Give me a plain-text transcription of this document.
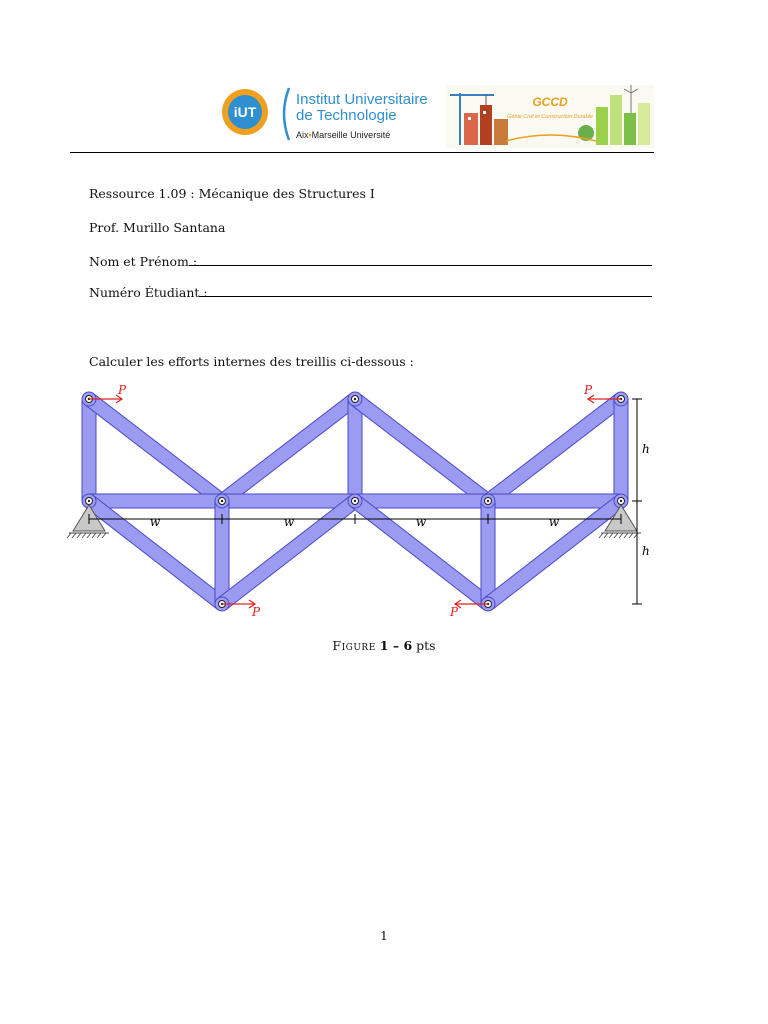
iUT
Institut Universitaire
de Technologie
Aix•Marseille Université
GCCD
Génie Civil et Construction Durable
Ressource 1.09 : Mécanique des Structures I
Prof. Murillo Santana
Nom et Prénom :
Numéro Étudiant :
Calculer les efforts internes des treillis ci-dessous :
w	w	w	w
h
h
P	P
P	P
Figure 1 – 6 pts
1
